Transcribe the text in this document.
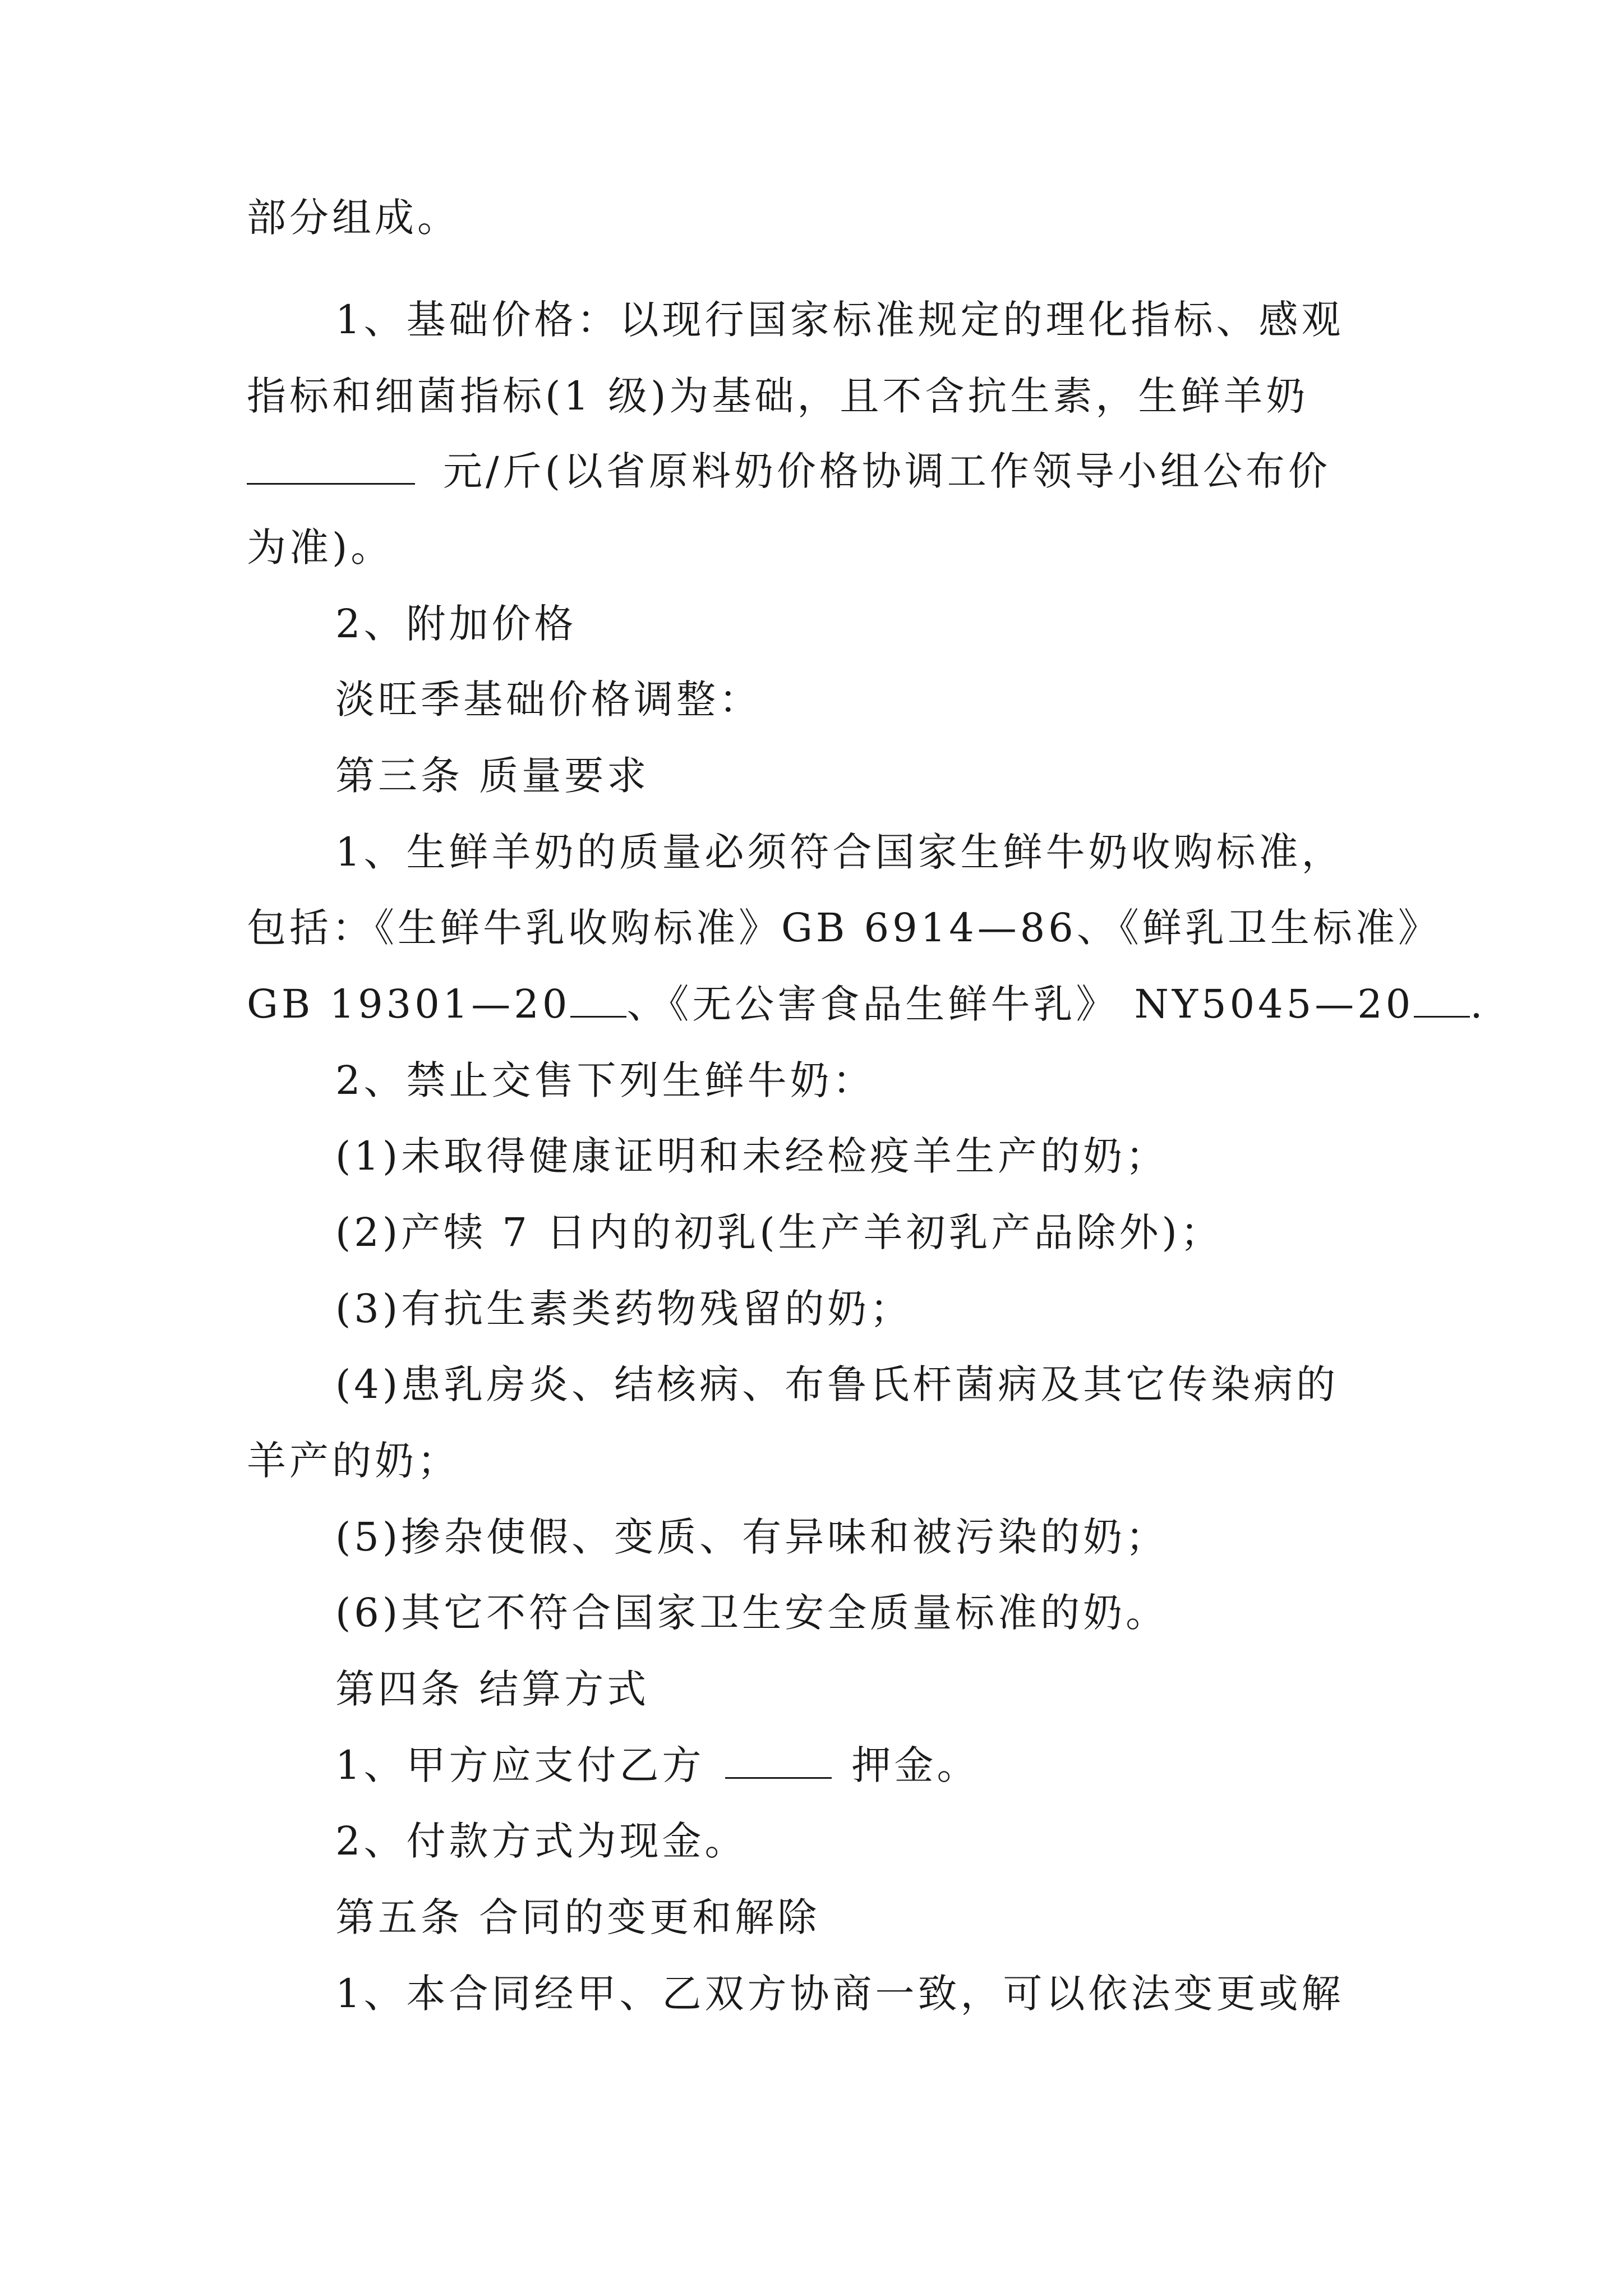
部分组成。
1、基础价格：以现行国家标准规定的理化指标、感观
指标和细菌指标(1 级)为基础，且不含抗生素，生鲜羊奶
元/斤(以省原料奶价格协调工作领导小组公布价
为准)。
2、附加价格
淡旺季基础价格调整：
第三条 质量要求
1、生鲜羊奶的质量必须符合国家生鲜牛奶收购标准，
包括：《生鲜牛乳收购标准》GB 6914—86、《鲜乳卫生标准》
GB 19301—20 、《无公害食品生鲜牛乳》 NY5045—20 .
2、禁止交售下列生鲜牛奶：
(1)未取得健康证明和未经检疫羊生产的奶；
(2)产犊 7 日内的初乳(生产羊初乳产品除外)；
(3)有抗生素类药物残留的奶；
(4)患乳房炎、结核病、布鲁氏杆菌病及其它传染病的
羊产的奶；
(5)掺杂使假、变质、有异味和被污染的奶；
(6)其它不符合国家卫生安全质量标准的奶。
第四条 结算方式
1、甲方应支付乙方	押金。
2、付款方式为现金。
第五条 合同的变更和解除
1、本合同经甲、乙双方协商一致，可以依法变更或解
